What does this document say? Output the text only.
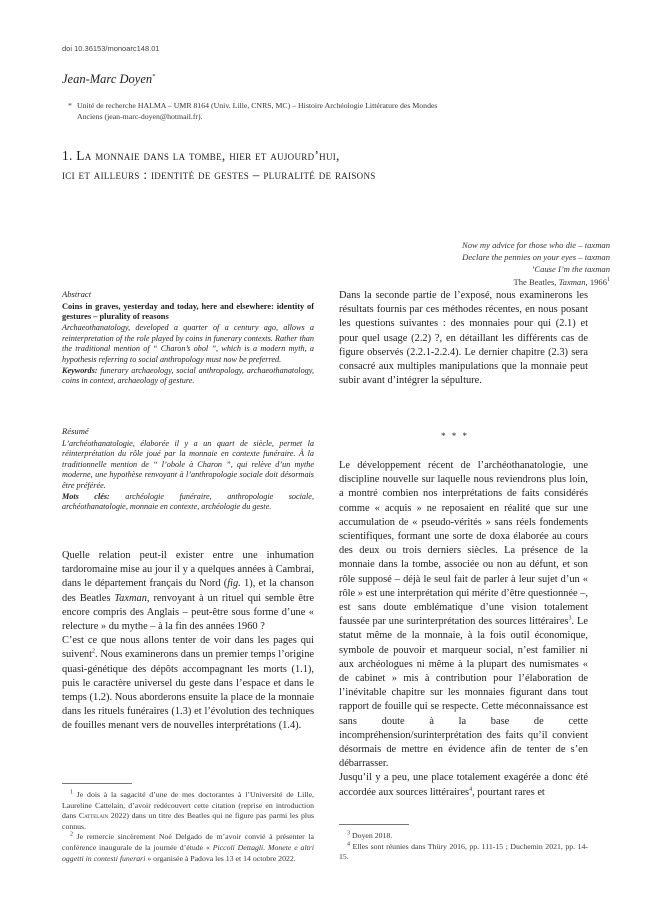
doi 10.36153/monoarc148.01
Jean-Marc Doyen*
* Unité de recherche HALMA – UMR 8164 (Univ. Lille, CNRS, MC) – Histoire Archéologie Littérature des Mondes
Anciens (jean-marc-doyen@hotmail.fr).
1. La monnaie dans la tombe, hier et aujourd’hui,
ici et ailleurs : identité de gestes – pluralité de raisons
Now my advice for those who die – taxman
Declare the pennies on your eyes – taxman
’Cause I’m the taxman
The Beatles, Taxman, 1966$^1$
Abstract
Coins in graves, yesterday and today, here and elsewhere: identity of gestures – plurality of reasons
Archaeothanatology, developed a quarter of a century ago, allows a reinterpretation of the role played by coins in funerary contexts. Rather than the traditional mention of “ Charon’s obol ”, which is a modern myth, a hypothesis referring to social anthropology must now be preferred.
Keywords: funerary archaeology, social anthropology, archaeothanatology, coins in context, archaeology of gesture.
Résumé
L’archéothanatologie, élaborée il y a un quart de siècle, permet la réinterprétation du rôle joué par la monnaie en contexte funéraire. À la traditionnelle mention de “ l’obole à Charon ”, qui relève d’un mythe moderne, une hypothèse renvoyant à l’anthropologie sociale doit désormais être préférée.
Mots clés: archéologie funéraire, anthropologie sociale, archéothanatologie, monnaie en contexte, archéologie du geste.
Quelle relation peut-il exister entre une inhumation tardoromaine mise au jour il y a quelques années à Cambrai, dans le département français du Nord (fig. 1), et la chanson des Beatles Taxman, renvoyant à un rituel qui semble être encore compris des Anglais – peut-être sous forme d’une « relecture » du mythe – à la fin des années 1960 ?
C’est ce que nous allons tenter de voir dans les pages qui suivent$^2$. Nous examinerons dans un premier temps l’origine quasi-génétique des dépôts accompagnant les morts (1.1), puis le caractère universel du geste dans l’espace et dans le temps (1.2). Nous aborderons ensuite la place de la monnaie dans les rituels funéraires (1.3) et l’évolution des techniques de fouilles menant vers de nouvelles interprétations (1.4).
$^1$ Je dois à la sagacité d’une de mes doctorantes à l’Université de Lille, Laureline Cattelain, d’avoir redécouvert cette citation (reprise en introduction dans Cattelain 2022) dans un titre des Beatles qui ne figure pas parmi les plus connus.
$^2$ Je remercie sincèrement Noé Delgado de m’avoir convié à présenter la conférence inaugurale de la journée d’étude « Piccoli Dettagli. Monete e altri oggetti in contesti funerari » organisée à Padova les 13 et 14 octobre 2022.
Dans la seconde partie de l’exposé, nous examinerons les résultats fournis par ces méthodes récentes, en nous posant les questions suivantes : des monnaies pour qui (2.1) et pour quel usage (2.2) ?, en détaillant les différents cas de figure observés (2.2.1-2.2.4). Le dernier chapitre (2.3) sera consacré aux multiples manipulations que la monnaie peut subir avant d’intégrer la sépulture.
* * *
Le développement récent de l’archéothanatologie, une discipline nouvelle sur laquelle nous reviendrons plus loin, a montré combien nos interprétations de faits considérés comme « acquis » ne reposaient en réalité que sur une accumulation de « pseudo-vérités » sans réels fondements scientifiques, formant une sorte de doxa élaborée au cours des deux ou trois derniers siècles. La présence de la monnaie dans la tombe, associée ou non au défunt, et son rôle supposé – déjà le seul fait de parler à leur sujet d’un « rôle » est une interprétation qui mérite d’être questionnée –, est sans doute emblématique d’une vision totalement faussée par une surinterprétation des sources littéraires$^3$. Le statut même de la monnaie, à la fois outil économique, symbole de pouvoir et marqueur social, n’est familier ni aux archéologues ni même à la plupart des numismates « de cabinet » mis à contribution pour l’élaboration de l’inévitable chapitre sur les monnaies figurant dans tout rapport de fouille qui se respecte. Cette méconnaissance est sans doute à la base de cette incompréhension/surinterprétation des faits qu’il convient désormais de mettre en évidence afin de tenter de s’en débarrasser.
Jusqu’il y a peu, une place totalement exagérée a donc été accordée aux sources littéraires$^4$, pourtant rares et
$^3$ Doyen 2018.
$^4$ Elles sont réunies dans Thüry 2016, pp. 111-15 ; Duchemin 2021, pp. 14-15.
